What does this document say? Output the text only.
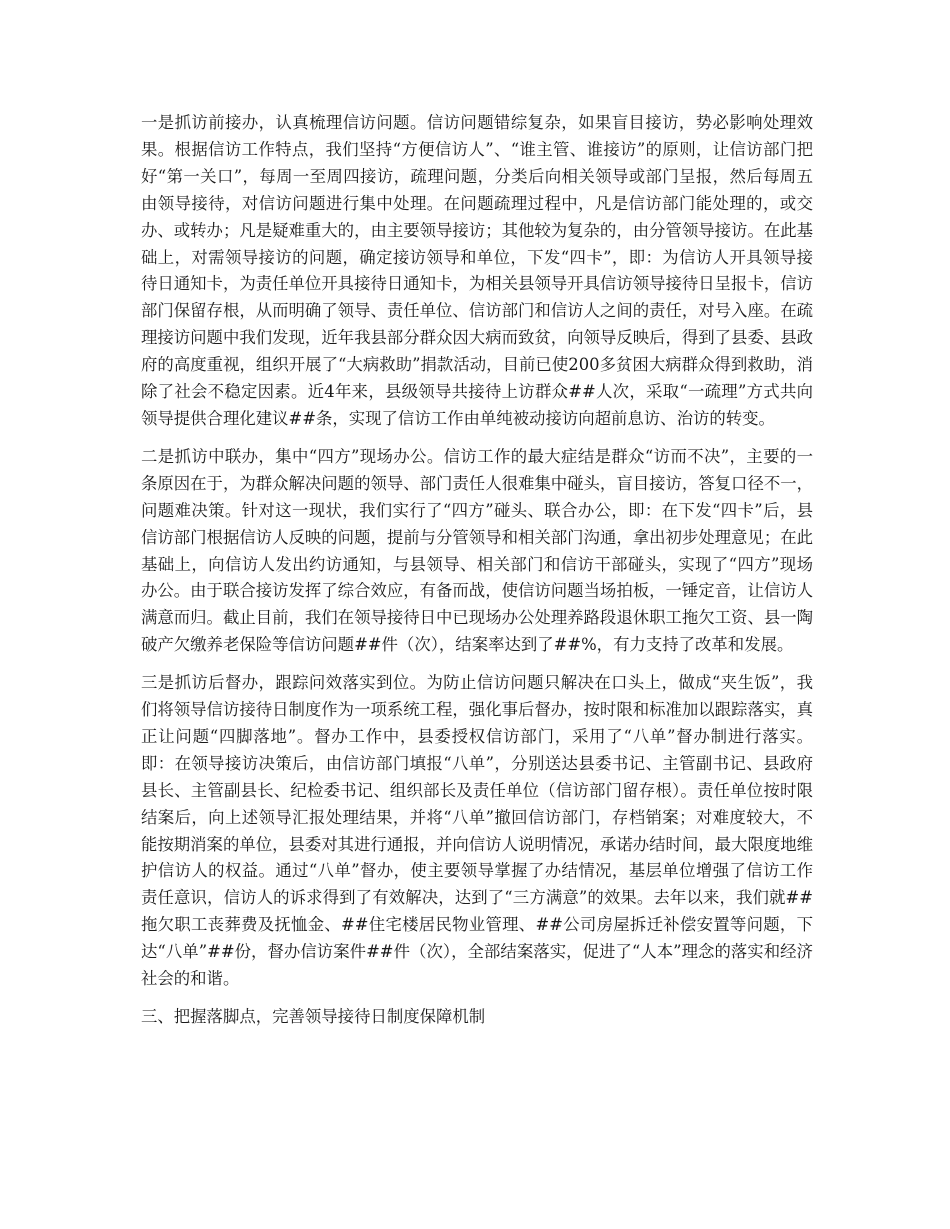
一是抓访前接办，认真梳理信访问题。信访问题错综复杂，如果盲目接访，势必影响处理效果。根据信访工作特点，我们坚持“方便信访人”、“谁主管、谁接访”的原则，让信访部门把好“第一关口”，每周一至周四接访，疏理问题，分类后向相关领导或部门呈报，然后每周五由领导接待，对信访问题进行集中处理。在问题疏理过程中，凡是信访部门能处理的，或交办、或转办；凡是疑难重大的，由主要领导接访；其他较为复杂的，由分管领导接访。在此基础上，对需领导接访的问题，确定接访领导和单位，下发“四卡”，即：为信访人开具领导接待日通知卡，为责任单位开具接待日通知卡，为相关县领导开具信访领导接待日呈报卡，信访部门保留存根，从而明确了领导、责任单位、信访部门和信访人之间的责任，对号入座。在疏理接访问题中我们发现，近年我县部分群众因大病而致贫，向领导反映后，得到了县委、县政府的高度重视，组织开展了“大病救助”捐款活动，目前已使200多贫困大病群众得到救助，消除了社会不稳定因素。近4年来，县级领导共接待上访群众##人次，采取“一疏理”方式共向领导提供合理化建议##条，实现了信访工作由单纯被动接访向超前息访、治访的转变。

二是抓访中联办，集中“四方”现场办公。信访工作的最大症结是群众“访而不决”，主要的一条原因在于，为群众解决问题的领导、部门责任人很难集中碰头，盲目接访，答复口径不一，问题难决策。针对这一现状，我们实行了“四方”碰头、联合办公，即：在下发“四卡”后，县信访部门根据信访人反映的问题，提前与分管领导和相关部门沟通，拿出初步处理意见；在此基础上，向信访人发出约访通知，与县领导、相关部门和信访干部碰头，实现了“四方”现场办公。由于联合接访发挥了综合效应，有备而战，使信访问题当场拍板，一锤定音，让信访人满意而归。截止目前，我们在领导接待日中已现场办公处理养路段退休职工拖欠工资、县一陶破产欠缴养老保险等信访问题##件（次），结案率达到了##%，有力支持了改革和发展。

三是抓访后督办，跟踪问效落实到位。为防止信访问题只解决在口头上，做成“夹生饭”，我们将领导信访接待日制度作为一项系统工程，强化事后督办，按时限和标准加以跟踪落实，真正让问题“四脚落地”。督办工作中，县委授权信访部门，采用了“八单”督办制进行落实。即：在领导接访决策后，由信访部门填报“八单”，分别送达县委书记、主管副书记、县政府县长、主管副县长、纪检委书记、组织部长及责任单位（信访部门留存根）。责任单位按时限结案后，向上述领导汇报处理结果，并将“八单”撤回信访部门，存档销案；对难度较大，不能按期消案的单位，县委对其进行通报，并向信访人说明情况，承诺办结时间，最大限度地维护信访人的权益。通过“八单”督办，使主要领导掌握了办结情况，基层单位增强了信访工作责任意识，信访人的诉求得到了有效解决，达到了“三方满意”的效果。去年以来，我们就##拖欠职工丧葬费及抚恤金、##住宅楼居民物业管理、##公司房屋拆迁补偿安置等问题，下达“八单”##份，督办信访案件##件（次），全部结案落实，促进了“人本”理念的落实和经济社会的和谐。

三、把握落脚点，完善领导接待日制度保障机制
